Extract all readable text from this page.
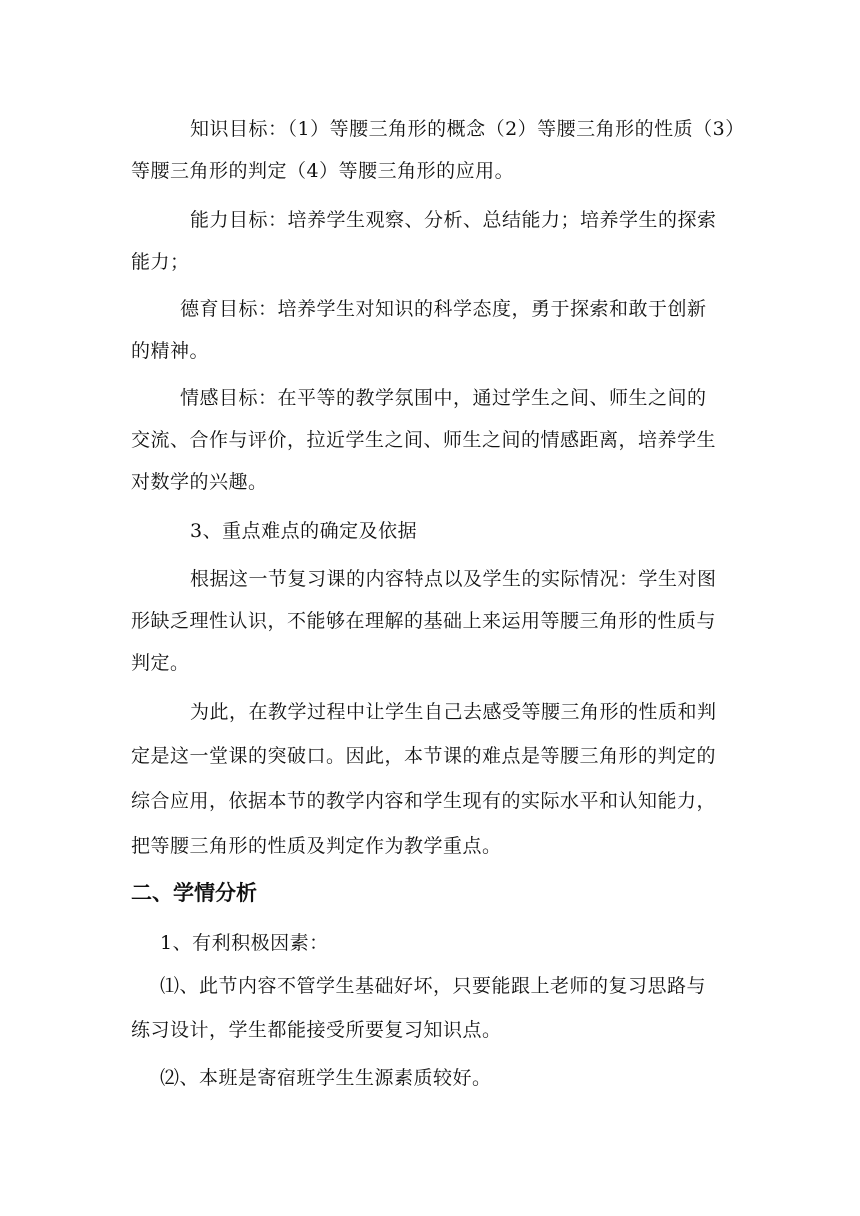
知识目标：（1）等腰三角形的概念（2）等腰三角形的性质（3）
等腰三角形的判定（4）等腰三角形的应用。
能力目标：培养学生观察、分析、总结能力；培养学生的探索
能力；
德育目标：培养学生对知识的科学态度，勇于探索和敢于创新
的精神。
情感目标：在平等的教学氛围中，通过学生之间、师生之间的
交流、合作与评价，拉近学生之间、师生之间的情感距离，培养学生
对数学的兴趣。
3、重点难点的确定及依据
根据这一节复习课的内容特点以及学生的实际情况：学生对图
形缺乏理性认识，不能够在理解的基础上来运用等腰三角形的性质与
判定。
为此，在教学过程中让学生自己去感受等腰三角形的性质和判
定是这一堂课的突破口。因此，本节课的难点是等腰三角形的判定的
综合应用，依据本节的教学内容和学生现有的实际水平和认知能力，
把等腰三角形的性质及判定作为教学重点。
二、学情分析
1、有利积极因素：
⑴、此节内容不管学生基础好坏，只要能跟上老师的复习思路与
练习设计，学生都能接受所要复习知识点。
⑵、本班是寄宿班学生生源素质较好。
